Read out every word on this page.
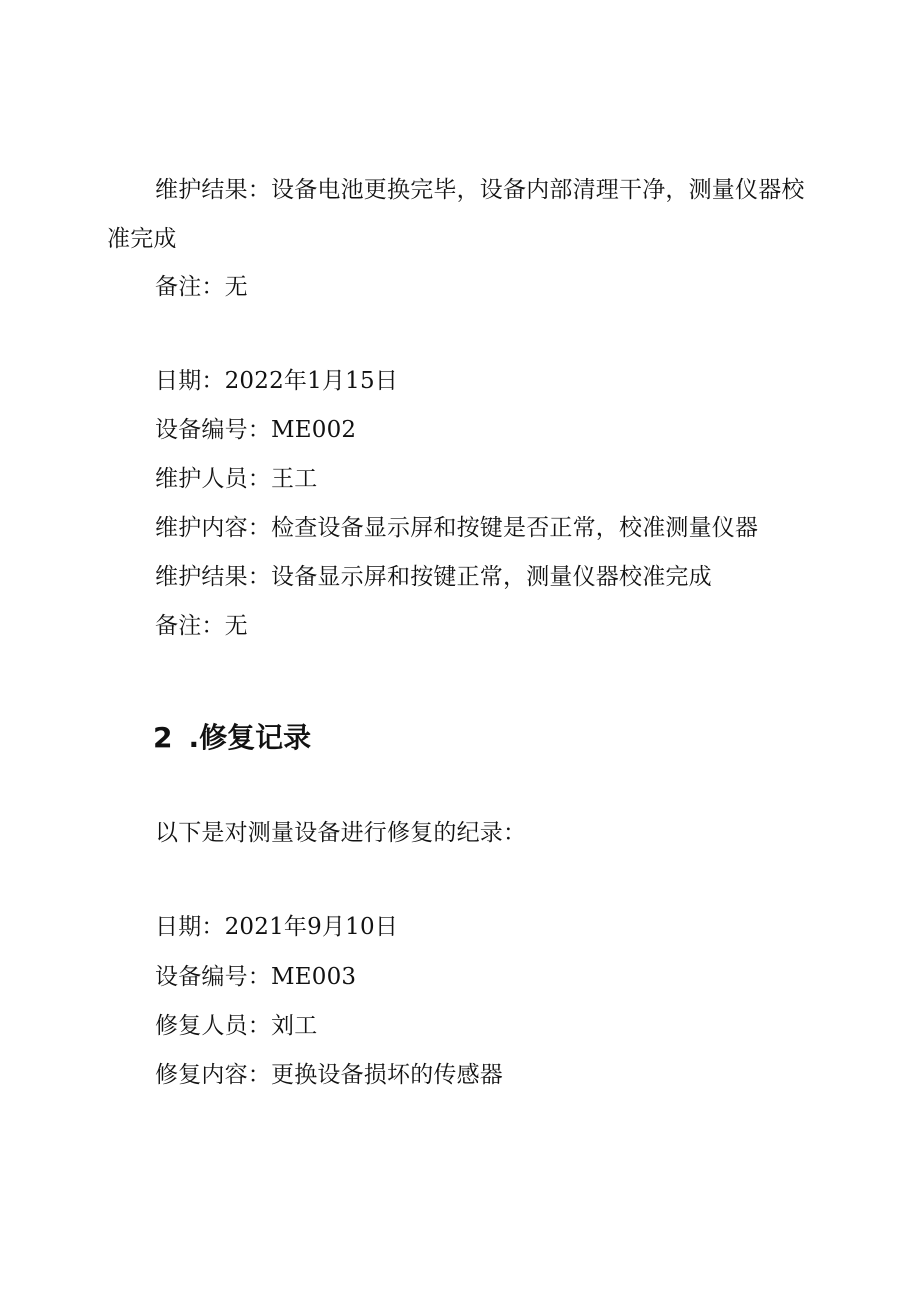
维护结果：设备电池更换完毕，设备内部清理干净，测量仪器校
准完成
备注：无
日期：2022年1月15日
设备编号：ME002
维护人员：王工
维护内容：检查设备显示屏和按键是否正常，校准测量仪器
维护结果：设备显示屏和按键正常，测量仪器校准完成
备注：无
2 .修复记录
以下是对测量设备进行修复的纪录：
日期：2021年9月10日
设备编号：ME003
修复人员：刘工
修复内容：更换设备损坏的传感器
